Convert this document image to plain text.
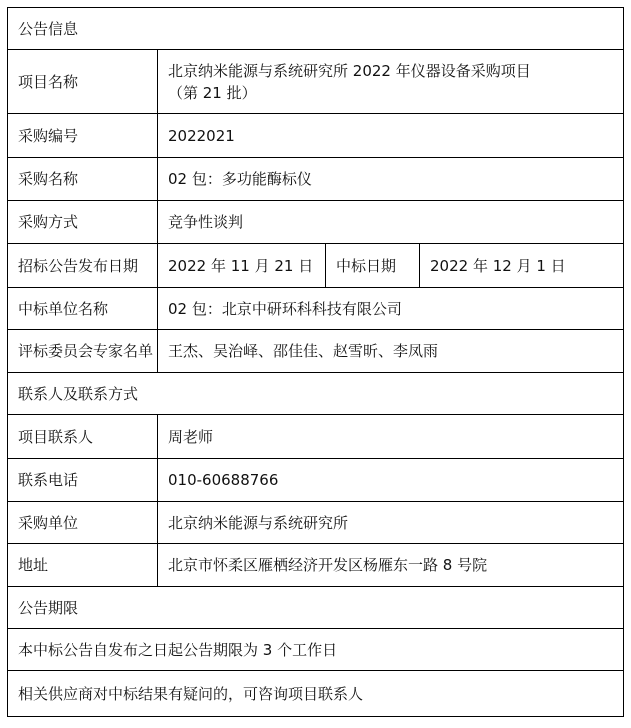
公告信息			
项目名称	北京纳米能源与系统研究所 2022 年仪器设备采购项目
（第 21 批）		

采购编号	2022021		
采购名称	02 包：多功能酶标仪		
采购方式	竞争性谈判		
招标公告发布日期	2022 年 11 月 21 日	中标日期	2022 年 12 月 1 日
中标单位名称	02 包：北京中研环科科技有限公司		
评标委员会专家名单	王杰、吴治峄、邵佳佳、赵雪昕、李凤雨		
联系人及联系方式			
项目联系人	周老师		
联系电话	010-60688766		
采购单位	北京纳米能源与系统研究所		
地址	北京市怀柔区雁栖经济开发区杨雁东一路 8 号院		
公告期限			
本中标公告自发布之日起公告期限为 3 个工作日			
相关供应商对中标结果有疑问的，可咨询项目联系人			
